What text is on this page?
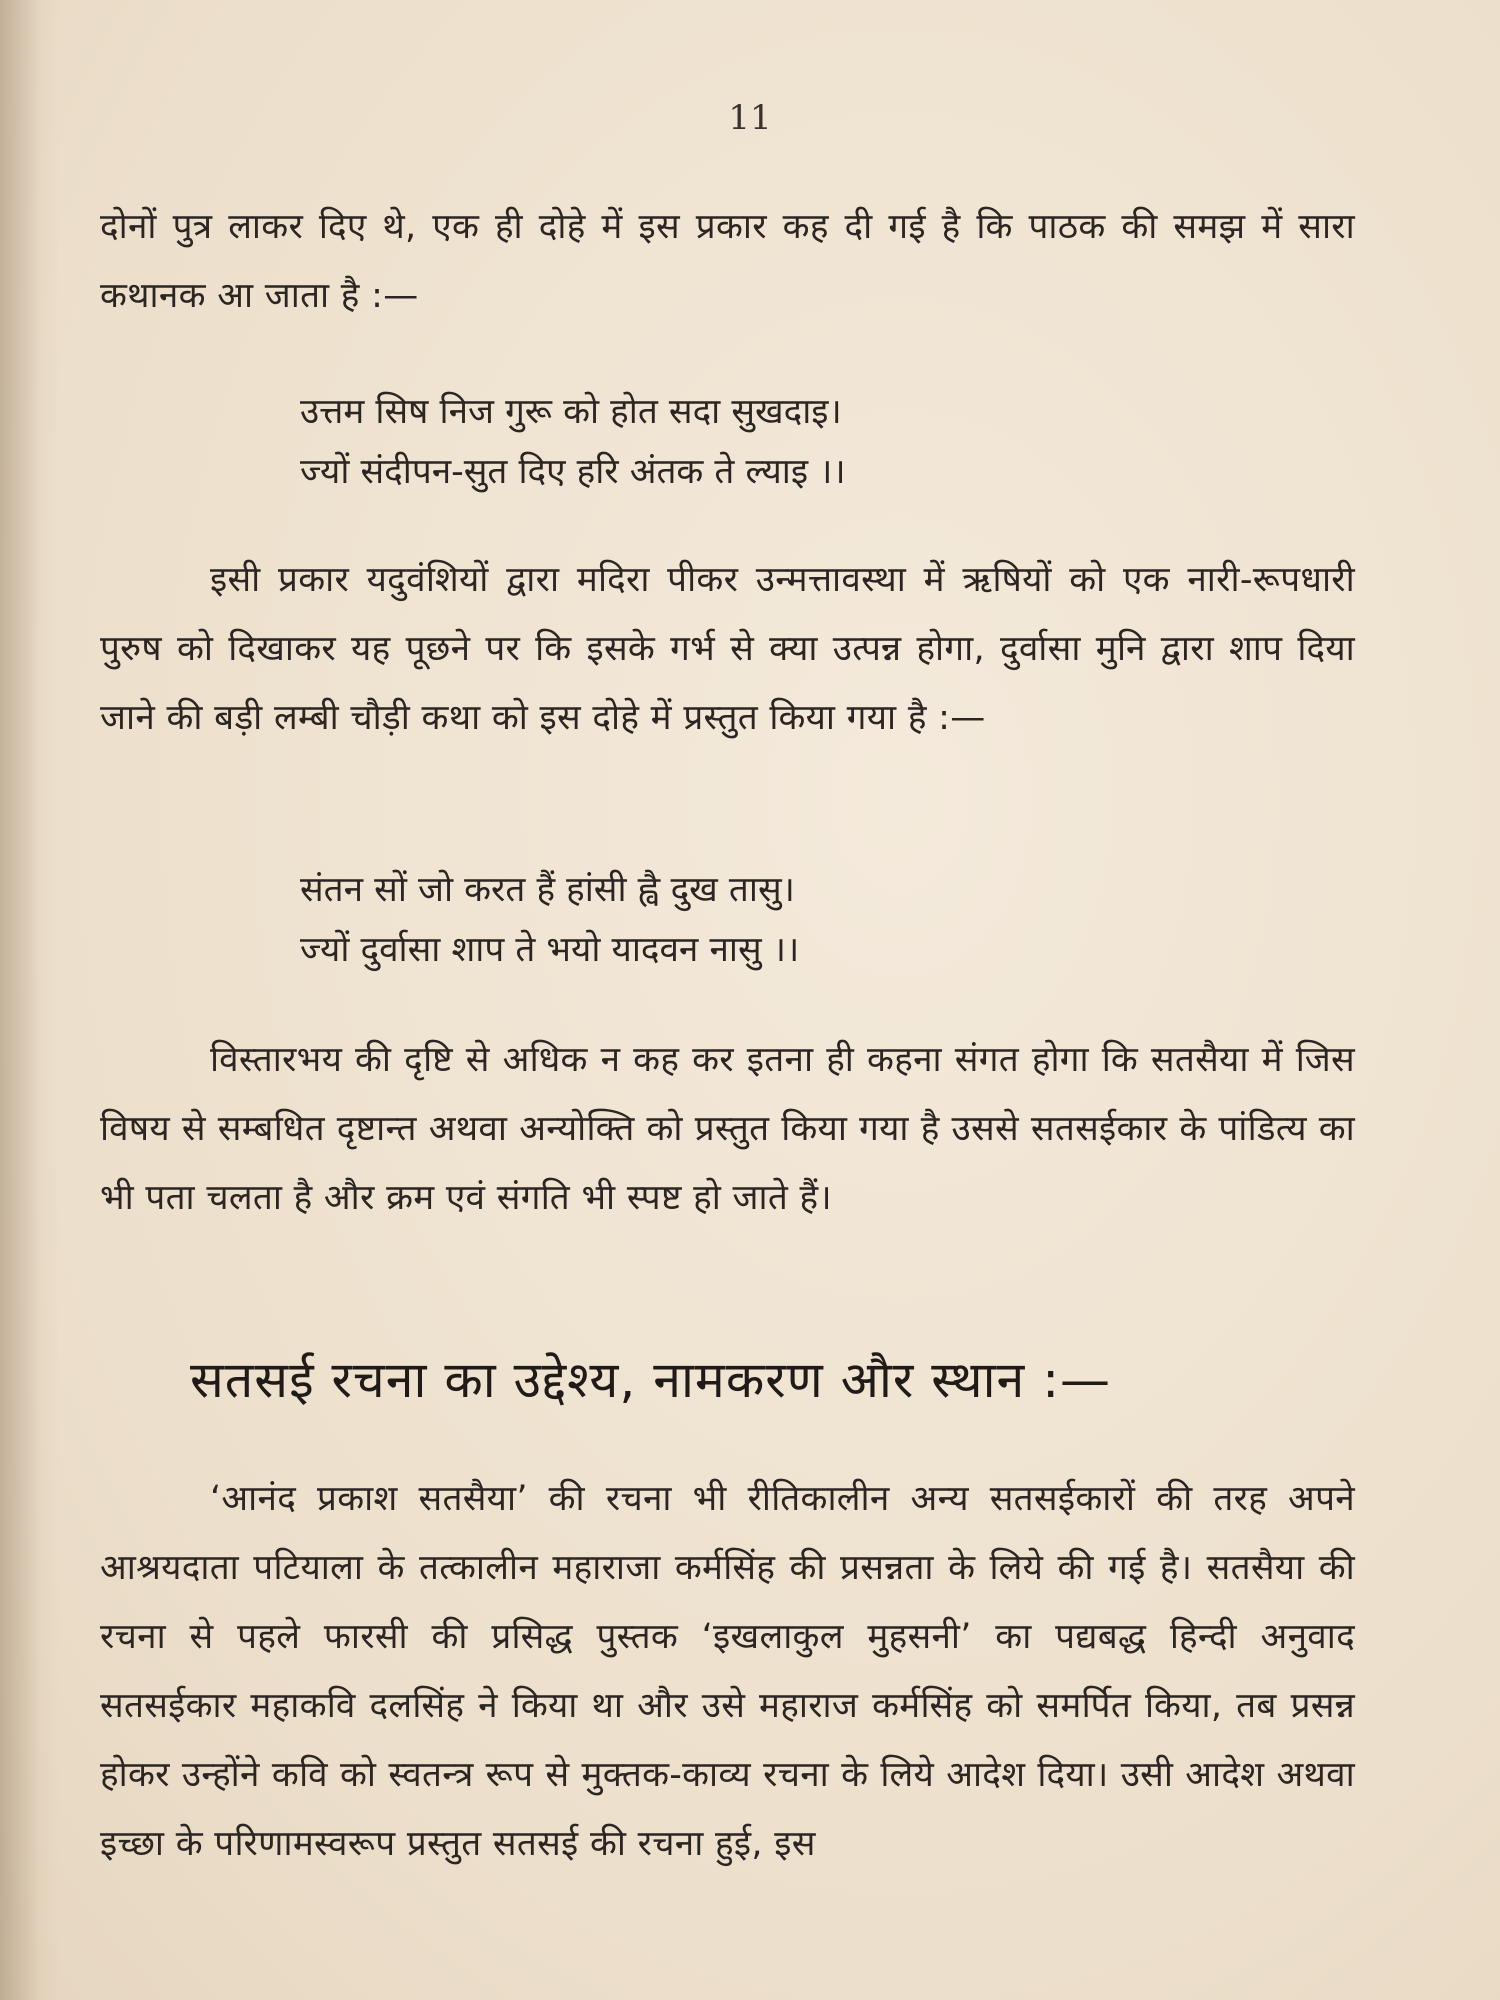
11
दोनों पुत्र लाकर दिए थे, एक ही दोहे में इस प्रकार कह दी गई है कि पाठक की समझ में सारा कथानक आ जाता है :—
उत्तम सिष निज गुरू को होत सदा सुखदाइ।
ज्यों संदीपन-सुत दिए हरि अंतक ते ल्याइ ।।
इसी प्रकार यदुवंशियों द्वारा मदिरा पीकर उन्मत्तावस्था में ऋषियों को एक नारी-रूपधारी पुरुष को दिखाकर यह पूछने पर कि इसके गर्भ से क्या उत्पन्न होगा, दुर्वासा मुनि द्वारा शाप दिया जाने की बड़ी लम्बी चौड़ी कथा को इस दोहे में प्रस्तुत किया गया है :—
संतन सों जो करत हैं हांसी ह्वै दुख तासु।
ज्यों दुर्वासा शाप ते भयो यादवन नासु ।।
विस्तारभय की दृष्टि से अधिक न कह कर इतना ही कहना संगत होगा कि सतसैया में जिस विषय से सम्बधित दृष्टान्त अथवा अन्योक्ति को प्रस्तुत किया गया है उससे सतसईकार के पांडित्य का भी पता चलता है और क्रम एवं संगति भी स्पष्ट हो जाते हैं।
सतसई रचना का उद्देश्य, नामकरण और स्थान :—
‘आनंद प्रकाश सतसैया’ की रचना भी रीतिकालीन अन्य सतसईकारों की तरह अपने आश्रयदाता पटियाला के तत्कालीन महाराजा कर्मसिंह की प्रसन्नता के लिये की गई है। सतसैया की रचना से पहले फारसी की प्रसिद्ध पुस्तक ‘इखलाकुल मुहसनी’ का पद्यबद्ध हिन्दी अनुवाद सतसईकार महाकवि दलसिंह ने किया था और उसे महाराज कर्मसिंह को समर्पित किया, तब प्रसन्न होकर उन्होंने कवि को स्वतन्त्र रूप से मुक्तक-काव्य रचना के लिये आदेश दिया। उसी आदेश अथवा इच्छा के परिणामस्वरूप प्रस्तुत सतसई की रचना हुई, इस
